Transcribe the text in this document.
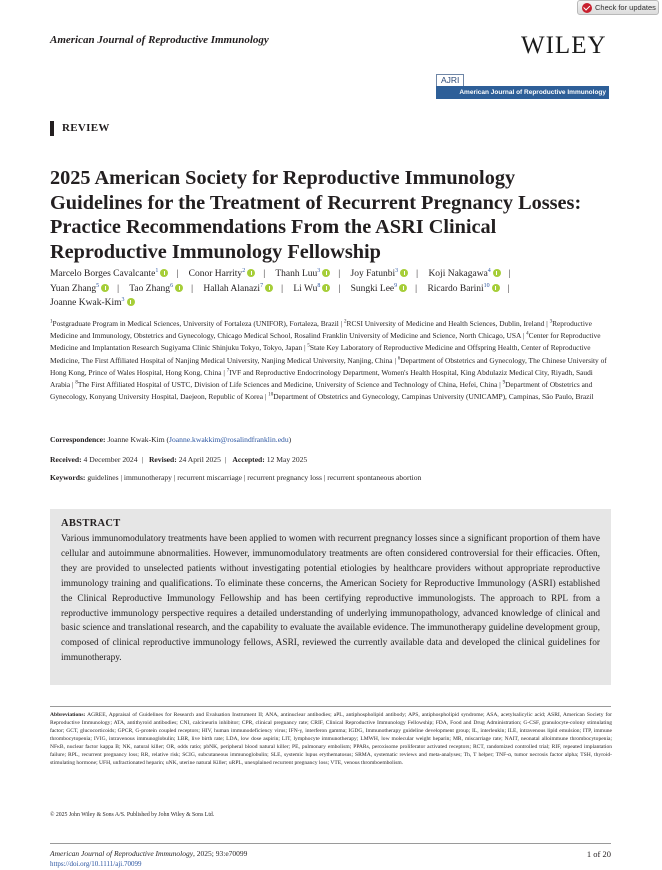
Check for updates
American Journal of Reproductive Immunology	WILEY
AJRI
American Journal of Reproductive Immunology
REVIEW
2025 American Society for Reproductive Immunology Guidelines for the Treatment of Recurrent Pregnancy Losses: Practice Recommendations From the ASRI Clinical Reproductive Immunology Fellowship

Marcelo Borges Cavalcante$^1$ | Conor Harrity$^2$ | Thanh Luu$^3$ | Joy Fatunbi$^3$ | Koji Nakagawa$^4$ |
Yuan Zhang$^5$ | Tao Zhang$^6$ | Hallah Alanazi$^7$ | Li Wu$^8$ | Sungki Lee$^9$ | Ricardo Barini$^{10}$ |
Joanne Kwak-Kim$^3$

$^1$Postgraduate Program in Medical Sciences, University of Fortaleza (UNIFOR), Fortaleza, Brazil | $^2$RCSI University of Medicine and Health Sciences, Dublin, Ireland | $^3$Reproductive Medicine and Immunology, Obstetrics and Gynecology, Chicago Medical School, Rosalind Franklin University of Medicine and Science, North Chicago, USA | $^4$Center for Reproductive Medicine and Implantation Research Sugiyama Clinic Shinjuku Tokyo, Tokyo, Japan | $^5$State Key Laboratory of Reproductive Medicine and Offspring Health, Center of Reproductive Medicine, The First Affiliated Hospital of Nanjing Medical University, Nanjing Medical University, Nanjing, China | $^6$Department of Obstetrics and Gynecology, The Chinese University of Hong Kong, Prince of Wales Hospital, Hong Kong, China | $^7$IVF and Reproductive Endocrinology Department, Women's Health Hospital, King Abdulaziz Medical City, Riyadh, Saudi Arabia | $^8$The First Affiliated Hospital of USTC, Division of Life Sciences and Medicine, University of Science and Technology of China, Hefei, China | $^9$Department of Obstetrics and Gynecology, Konyang University Hospital, Daejeon, Republic of Korea | $^{10}$Department of Obstetrics and Gynecology, Campinas University (UNICAMP), Campinas, São Paulo, Brazil

Correspondence: Joanne Kwak-Kim (Joanne.kwakkim@rosalindfranklin.edu)
Received: 4 December 2024 | Revised: 24 April 2025 | Accepted: 12 May 2025
Keywords: guidelines | immunotherapy | recurrent miscarriage | recurrent pregnancy loss | recurrent spontaneous abortion

ABSTRACT

Various immunomodulatory treatments have been applied to women with recurrent pregnancy losses since a significant proportion of them have cellular and autoimmune abnormalities. However, immunomodulatory treatments are often considered controversial for their efficacies. Often, they are provided to unselected patients without investigating potential etiologies by healthcare providers without appropriate reproductive immunology training and qualifications. To eliminate these concerns, the American Society for Reproductive Immunology (ASRI) established the Clinical Reproductive Immunology Fellowship and has been certifying reproductive immunologists. The approach to RPL from a reproductive immunology perspective requires a detailed understanding of underlying immunopathology, advanced knowledge of clinical and basic science and translational research, and the capability to evaluate the available evidence. The immunotherapy guideline development group, composed of clinical reproductive immunology fellows, ASRI, reviewed the currently available data and developed the clinical guidelines for immunotherapy.

Abbreviations: AGREE, Appraisal of Guidelines for Research and Evaluation Instrument II; ANA, antinuclear antibodies; aPL, antiphospholipid antibody; APS, antiphospholipid syndrome; ASA, acetylsalicylic acid; ASRI, American Society for Reproductive Immunology; ATA, antithyroid antibodies; CNI, calcineurin inhibitor; CPR, clinical pregnancy rate; CRIF, Clinical Reproductive Immunology Fellowship; FDA, Food and Drug Administration; G-CSF, granulocyte-colony stimulating factor; GCT, glucocorticoids; GPCR, G-protein coupled receptors; HIV, human immunodeficiency virus; IFN-γ, interferon gamma; IGDG, Immunotherapy guideline development group; IL, interleukin; ILE, intravenous lipid emulsion; ITP, immune thrombocytopenia; IVIG, intravenous immunoglobulin; LBR, live birth rate; LDA, low dose aspirin; LIT, lymphocyte immunotherapy; LMWH, low molecular weight heparin; MR, miscarriage rate; NAIT, neonatal alloimmune thrombocytopenia; NFκB, nuclear factor kappa B; NK, natural killer; OR, odds ratio; pbNK, peripheral blood natural killer; PE, pulmonary embolism; PPARs, peroxisome proliferator activated receptors; RCT, randomized controlled trial; RIF, repeated implantation failure; RPL, recurrent pregnancy loss; RR, relative risk; SCIG, subcutaneous immunoglobulin; SLE, systemic lupus erythematosus; SRMA, systematic reviews and meta-analyses; Th, T helper; TNF-α, tumor necrosis factor alpha; TSH, thyroid-stimulating hormone; UFH, unfractionated heparin; uNK, uterine natural Killer; uRPL, unexplained recurrent pregnancy loss; VTE, venous thromboembolism.

© 2025 John Wiley & Sons A/S. Published by John Wiley & Sons Ltd.
American Journal of Reproductive Immunology, 2025; 93:e70099
https://doi.org/10.1111/aji.70099
1 of 20
